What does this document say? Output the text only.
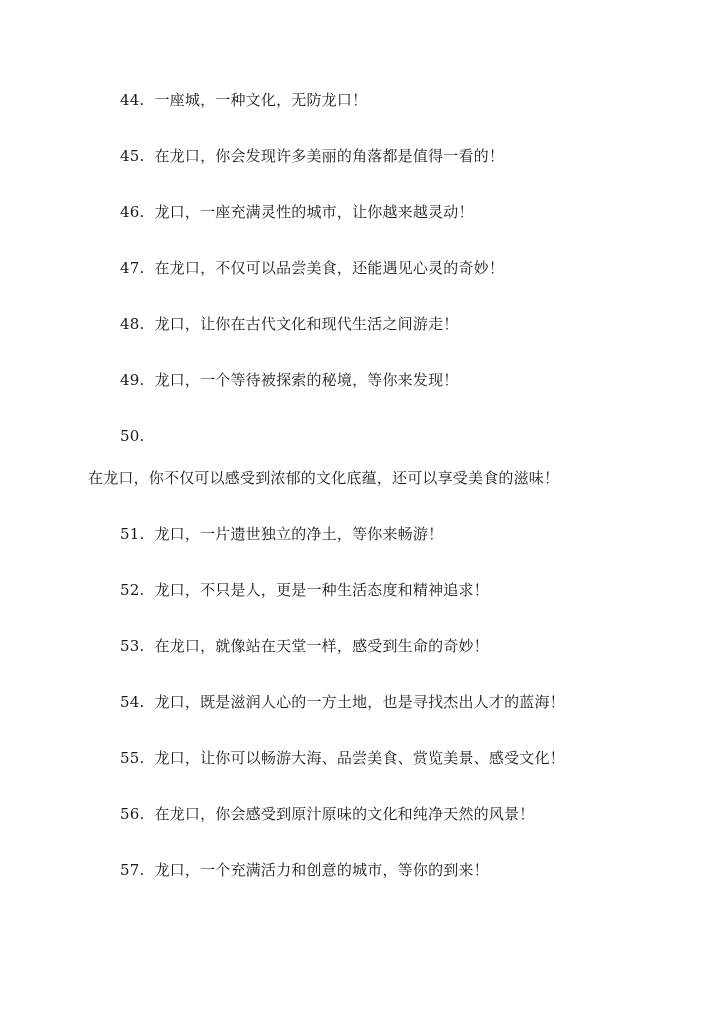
44. 一座城，一种文化，无防龙口！
45. 在龙口，你会发现许多美丽的角落都是值得一看的！
46. 龙口，一座充满灵性的城市，让你越来越灵动！
47. 在龙口，不仅可以品尝美食，还能遇见心灵的奇妙！
48. 龙口，让你在古代文化和现代生活之间游走！
49. 龙口，一个等待被探索的秘境，等你来发现！
50.
在龙口，你不仅可以感受到浓郁的文化底蕴，还可以享受美食的滋味！
51. 龙口，一片遗世独立的净土，等你来畅游！
52. 龙口，不只是人，更是一种生活态度和精神追求！
53. 在龙口，就像站在天堂一样，感受到生命的奇妙！
54. 龙口，既是滋润人心的一方土地，也是寻找杰出人才的蓝海！
55. 龙口，让你可以畅游大海、品尝美食、赏览美景、感受文化！
56. 在龙口，你会感受到原汁原味的文化和纯净天然的风景！
57. 龙口，一个充满活力和创意的城市，等你的到来！
